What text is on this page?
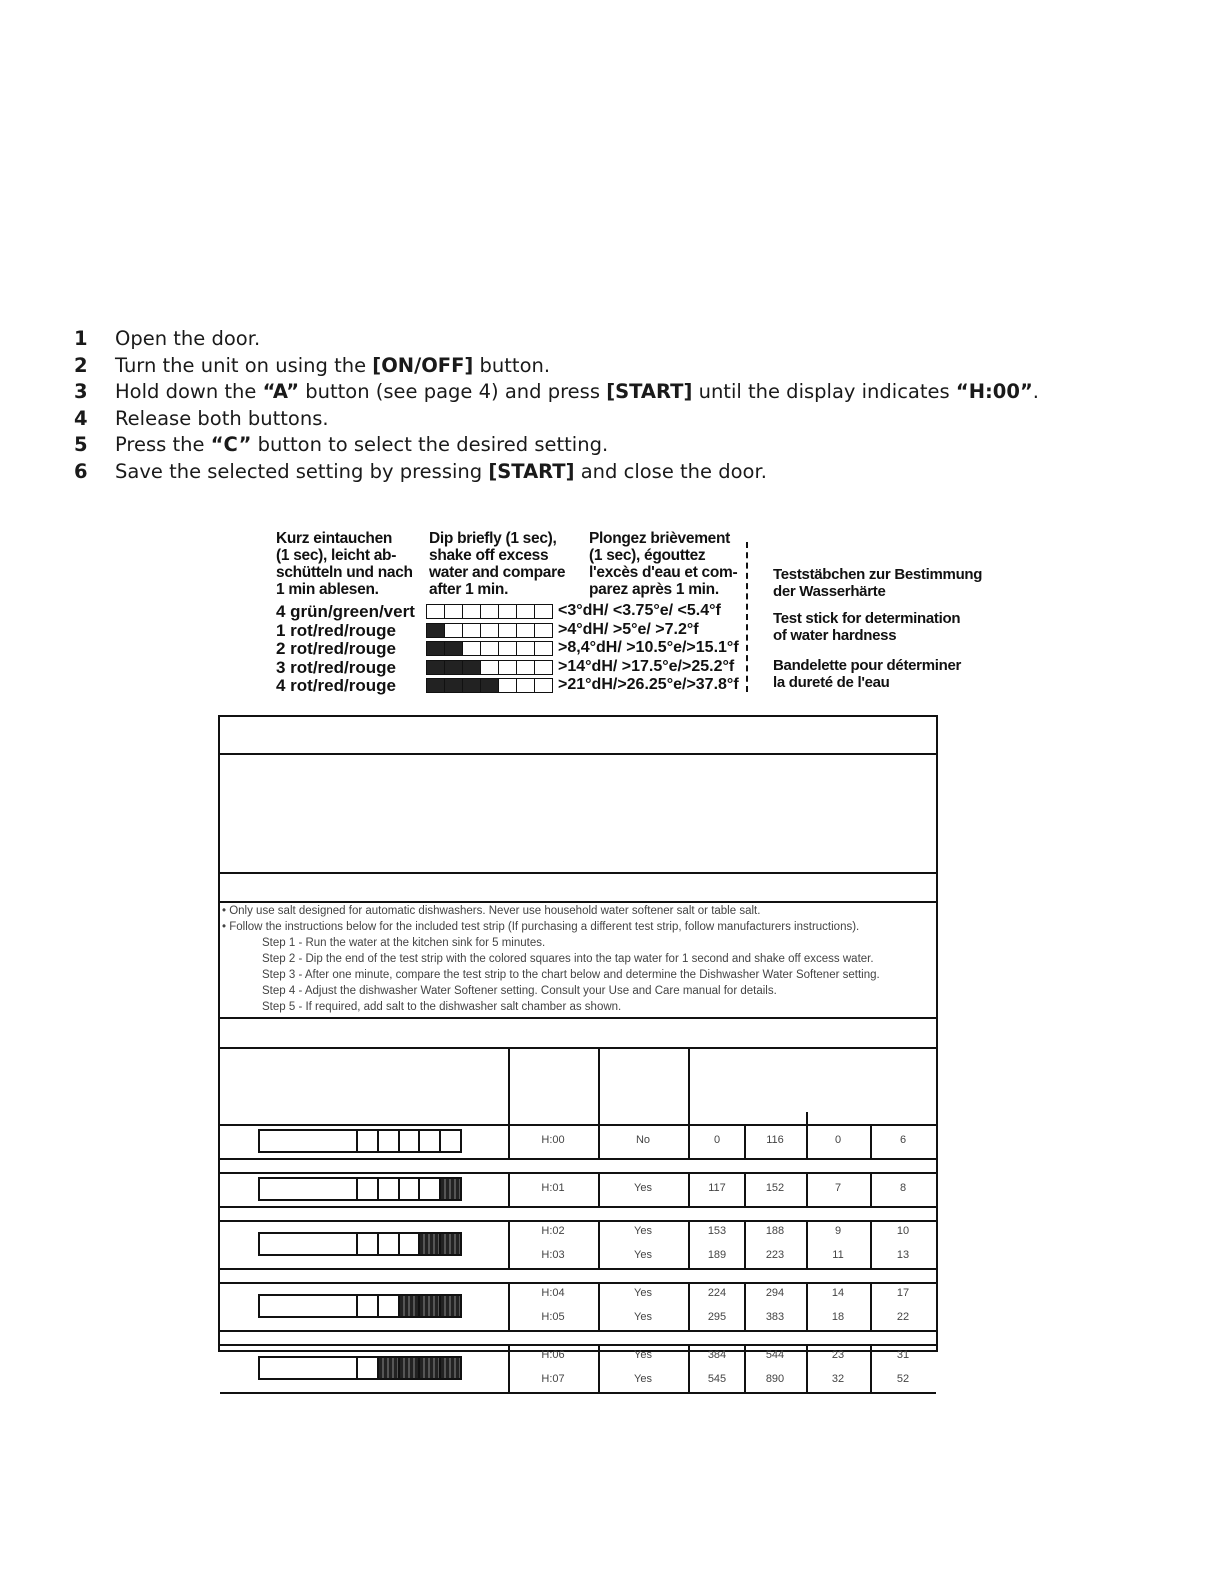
1 Open the door.
2 Turn the unit on using the [ON/OFF] button.
3 Hold down the “A” button (see page 4) and press [START] until the display indicates “H:00”.
4 Release both buttons.
5 Press the “C” button to select the desired setting.
6 Save the selected setting by pressing [START] and close the door.
Kurz eintauchen
(1 sec), leicht ab-
schütteln und nach
1 min ablesen.
Dip briefly (1 sec),
shake off excess
water and compare
after 1 min.
Plongez brièvement
(1 sec), égouttez
l'excès d'eau et com-
parez après 1 min.
4 grün/green/vert	<3°dH/ <3.75°e/ <5.4°f
1 rot/red/rouge	>4°dH/ >5°e/ >7.2°f
2 rot/red/rouge	>8,4°dH/ >10.5°e/>15.1°f
3 rot/red/rouge	>14°dH/ >17.5°e/>25.2°f
4 rot/red/rouge	>21°dH/>26.25°e/>37.8°f
Teststäbchen zur Bestimmung
der Wasserhärte
Test stick for determination
of water hardness
Bandelette pour déterminer
la dureté de l'eau
• Only use salt designed for automatic dishwashers. Never use household water softener salt or table salt.
• Follow the instructions below for the included test strip (If purchasing a different test strip, follow manufacturers instructions).
Step 1 - Run the water at the kitchen sink for 5 minutes.
Step 2 - Dip the end of the test strip with the colored squares into the tap water for 1 second and shake off excess water.
Step 3 - After one minute, compare the test strip to the chart below and determine the Dishwasher Water Softener setting.
Step 4 - Adjust the dishwasher Water Softener setting. Consult your Use and Care manual for details.
Step 5 - If required, add salt to the dishwasher salt chamber as shown.
H:00	No	0	116	0	6
H:01	Yes	117	152	7	8
H:02	Yes	153	188	9	10
H:03	Yes	189	223	11	13
H:04	Yes	224	294	14	17
H:05	Yes	295	383	18	22
H:06	Yes	384	544	23	31
H:07	Yes	545	890	32	52
